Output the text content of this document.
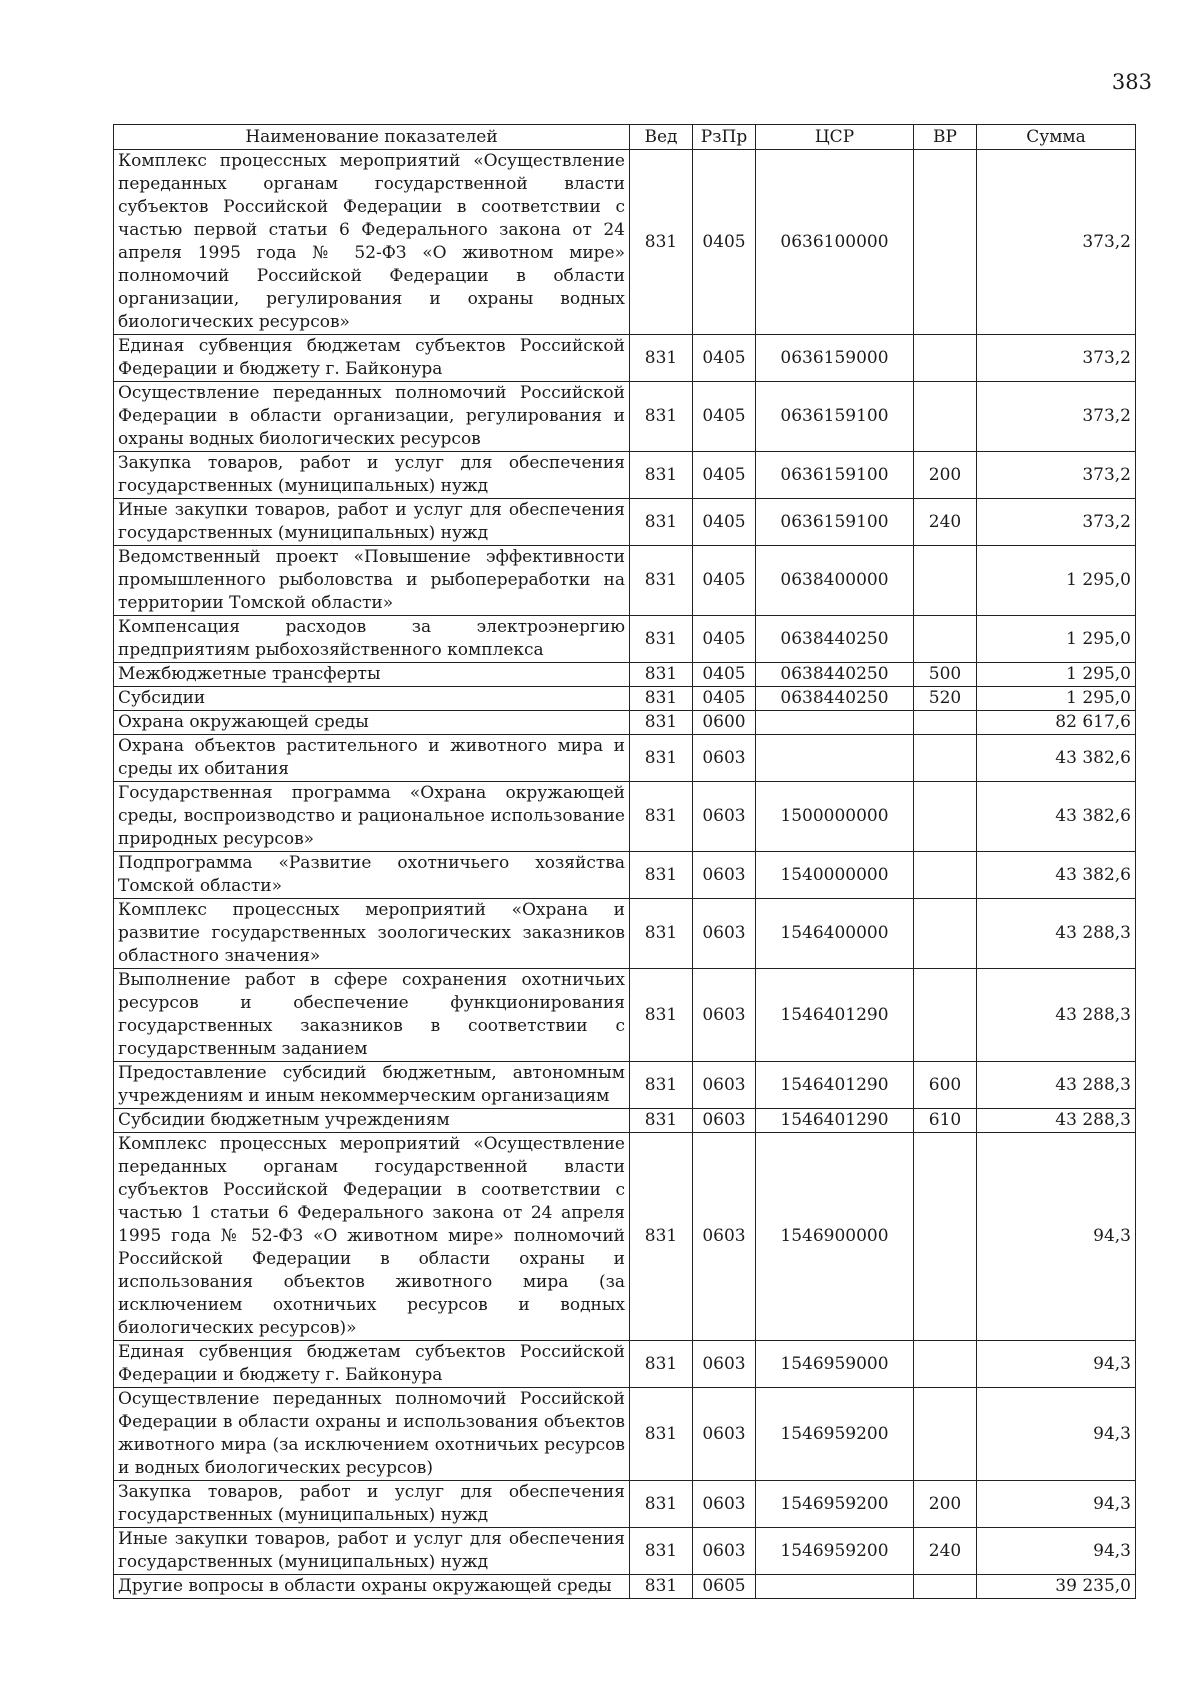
383
Наименование показателей	Вед	РзПр	ЦСР	ВР	Сумма
Комплекс процессных мероприятий «Осуществление переданных органам государственной власти субъектов Российской Федерации в соответствии с частью первой статьи 6 Федерального закона от 24 апреля 1995 года № 52-ФЗ «О животном мире» полномочий Российской Федерации в области организации, регулирования и охраны водных биологических ресурсов»	831	0405	0636100000		373,2
Единая субвенция бюджетам субъектов Российской Федерации и бюджету г. Байконура	831	0405	0636159000		373,2
Осуществление переданных полномочий Российской Федерации в области организации, регулирования и охраны водных биологических ресурсов	831	0405	0636159100		373,2
Закупка товаров, работ и услуг для обеспечения государственных (муниципальных) нужд	831	0405	0636159100	200	373,2
Иные закупки товаров, работ и услуг для обеспечения государственных (муниципальных) нужд	831	0405	0636159100	240	373,2
Ведомственный проект «Повышение эффективности промышленного рыболовства и рыбопереработки на территории Томской области»	831	0405	0638400000		1 295,0
Компенсация расходов за электроэнергию предприятиям рыбохозяйственного комплекса	831	0405	0638440250		1 295,0
Межбюджетные трансферты	831	0405	0638440250	500	1 295,0
Субсидии	831	0405	0638440250	520	1 295,0
Охрана окружающей среды	831	0600			82 617,6
Охрана объектов растительного и животного мира и среды их обитания	831	0603			43 382,6
Государственная программа «Охрана окружающей среды, воспроизводство и рациональное использование природных ресурсов»	831	0603	1500000000		43 382,6
Подпрограмма «Развитие охотничьего хозяйства Томской области»	831	0603	1540000000		43 382,6
Комплекс процессных мероприятий «Охрана и развитие государственных зоологических заказников областного значения»	831	0603	1546400000		43 288,3
Выполнение работ в сфере сохранения охотничьих ресурсов и обеспечение функционирования государственных заказников в соответствии с государственным заданием	831	0603	1546401290		43 288,3
Предоставление субсидий бюджетным, автономным учреждениям и иным некоммерческим организациям	831	0603	1546401290	600	43 288,3
Субсидии бюджетным учреждениям	831	0603	1546401290	610	43 288,3
Комплекс процессных мероприятий «Осуществление переданных органам государственной власти субъектов Российской Федерации в соответствии с частью 1 статьи 6 Федерального закона от 24 апреля 1995 года № 52-ФЗ «О животном мире» полномочий Российской Федерации в области охраны и использования объектов животного мира (за исключением охотничьих ресурсов и водных биологических ресурсов)»	831	0603	1546900000		94,3
Единая субвенция бюджетам субъектов Российской Федерации и бюджету г. Байконура	831	0603	1546959000		94,3
Осуществление переданных полномочий Российской Федерации в области охраны и использования объектов животного мира (за исключением охотничьих ресурсов и водных биологических ресурсов)	831	0603	1546959200		94,3
Закупка товаров, работ и услуг для обеспечения государственных (муниципальных) нужд	831	0603	1546959200	200	94,3
Иные закупки товаров, работ и услуг для обеспечения государственных (муниципальных) нужд	831	0603	1546959200	240	94,3
Другие вопросы в области охраны окружающей среды	831	0605			39 235,0
